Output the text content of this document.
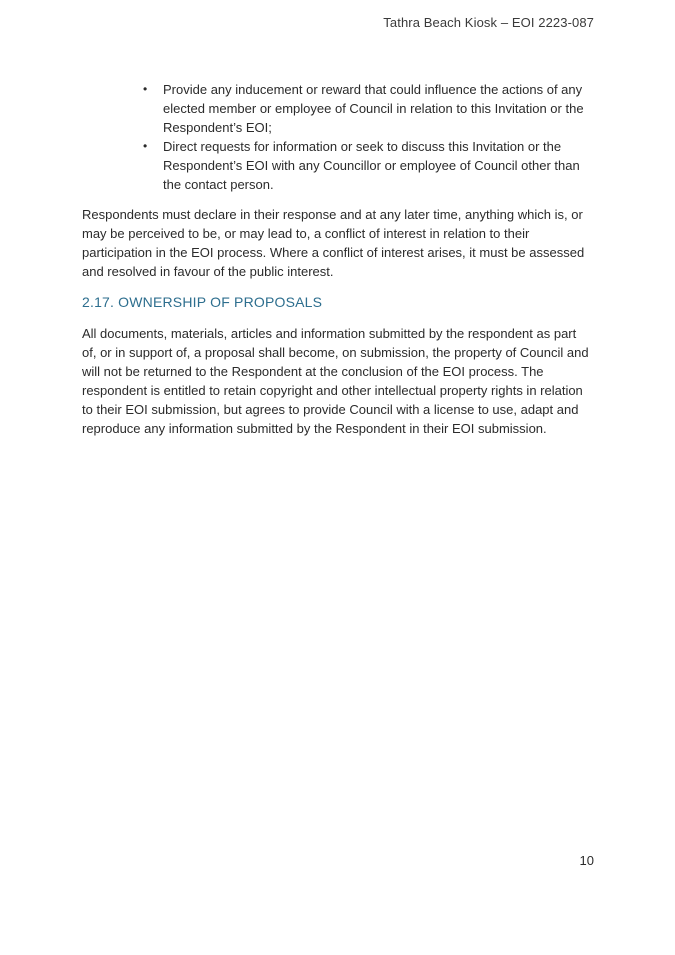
Tathra Beach Kiosk – EOI 2223-087
• Provide any inducement or reward that could influence the actions of any elected member or employee of Council in relation to this Invitation or the Respondent’s EOI;
• Direct requests for information or seek to discuss this Invitation or the Respondent’s EOI with any Councillor or employee of Council other than the contact person.

Respondents must declare in their response and at any later time, anything which is, or may be perceived to be, or may lead to, a conflict of interest in relation to their participation in the EOI process. Where a conflict of interest arises, it must be assessed and resolved in favour of the public interest.

2.17. OWNERSHIP OF PROPOSALS

All documents, materials, articles and information submitted by the respondent as part of, or in support of, a proposal shall become, on submission, the property of Council and will not be returned to the Respondent at the conclusion of the EOI process. The respondent is entitled to retain copyright and other intellectual property rights in relation to their EOI submission, but agrees to provide Council with a license to use, adapt and reproduce any information submitted by the Respondent in their EOI submission.

10
